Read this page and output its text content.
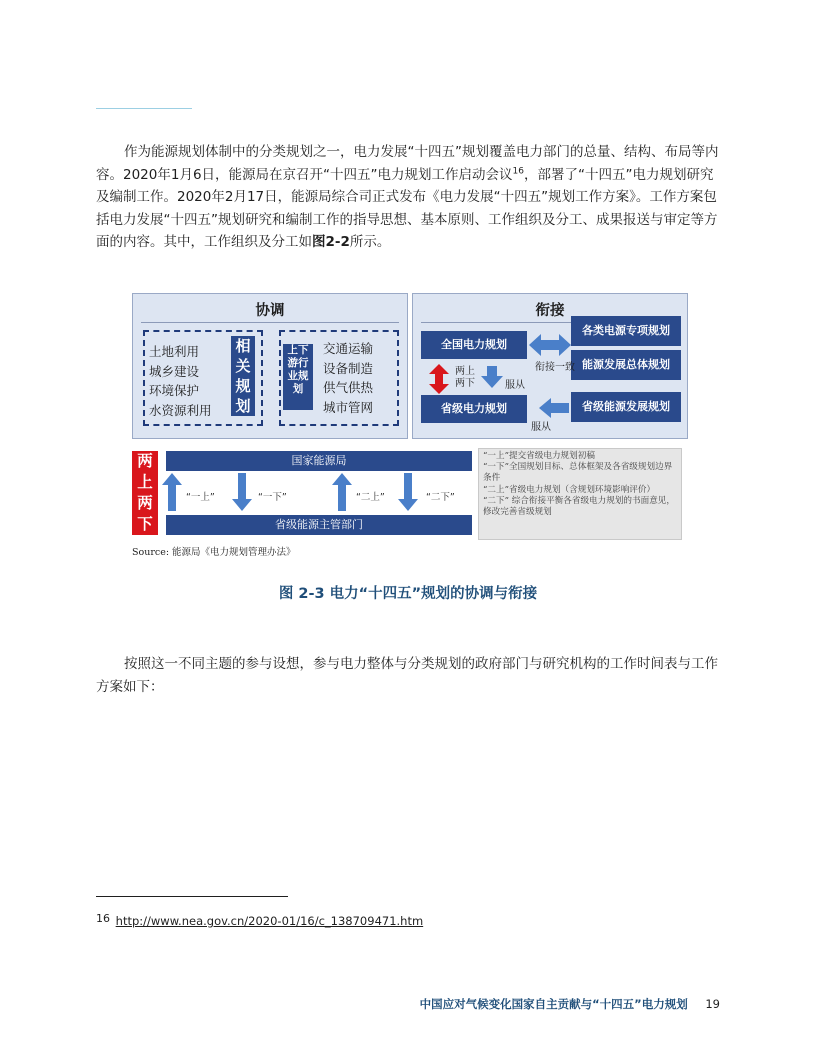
作为能源规划体制中的分类规划之一，电力发展“十四五”规划覆盖电力部门的总量、结构、布局等内容。2020年1月6日，能源局在京召开“十四五”电力规划工作启动会议$^{16}$，部署了“十四五”电力规划研究及编制工作。2020年2月17日，能源局综合司正式发布《电力发展“十四五”规划工作方案》。工作方案包括电力发展“十四五”规划研究和编制工作的指导思想、基本原则、工作组织及分工、成果报送与审定等方面的内容。其中，工作组织及分工如图2-2所示。

协调
土地利用
城乡建设
环境保护
水资源利用
相
关
规
划
上下
游行
业规
划
交通运输
设备制造
供气供热
城市管网
衔接
全国电力规划
省级电力规划
各类电源专项规划
能源发展总体规划
省级能源发展规划
衔接一致
两上
两下	服从
服从
两
上
两
下
国家能源局
省级能源主管部门
“一上”	“一下”	“二上”	“二下”
“一上”提交省级电力规划初稿
“一下”全国规划目标、总体框架及各省级规划边界条件
“二上”省级电力规划（含规划环境影响评价）
“二下” 综合衔接平衡各省级电力规划的书面意见，修改完善省级规划
Source: 能源局《电力规划管理办法》
图 2-3 电力“十四五”规划的协调与衔接

按照这一不同主题的参与设想，参与电力整体与分类规划的政府部门与研究机构的工作时间表与工作方案如下：

16 http://www.nea.gov.cn/2020-01/16/c_138709471.htm
中国应对气候变化国家自主贡献与“十四五”电力规划 19
